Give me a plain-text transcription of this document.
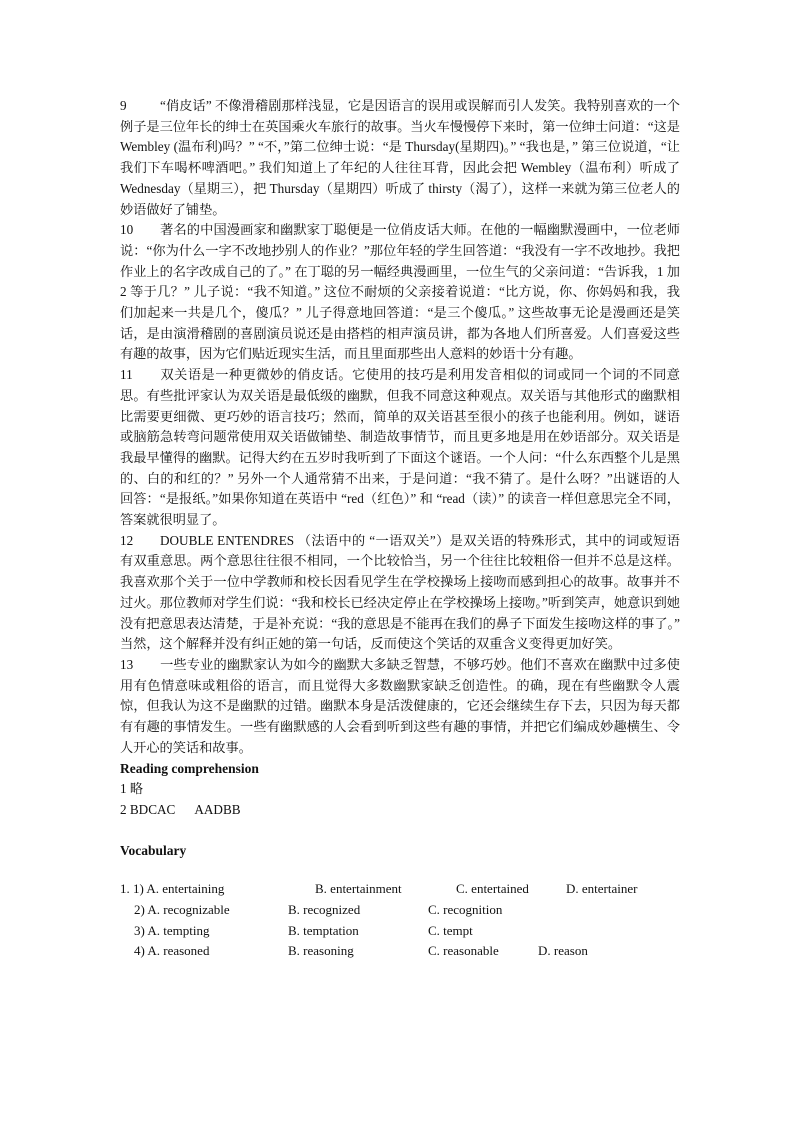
9	“俏皮话” 不像滑稽剧那样浅显，它是因语言的误用或误解而引人发笑。我特别喜欢的一个例子是三位年长的绅士在英国乘火车旅行的故事。当火车慢慢停下来时，第一位绅士问道：“这是 Wembley (温布利)吗？” “不，”第二位绅士说：“是 Thursday(星期四)。” “我也是，” 第三位说道，“让我们下车喝杯啤酒吧。” 我们知道上了年纪的人往往耳背，因此会把 Wembley（温布利）听成了 Wednesday（星期三），把 Thursday（星期四）听成了 thirsty（渴了），这样一来就为第三位老人的妙语做好了铺垫。

10 著名的中国漫画家和幽默家丁聪便是一位俏皮话大师。在他的一幅幽默漫画中，一位老师说：“你为什么一字不改地抄别人的作业？”那位年轻的学生回答道：“我没有一字不改地抄。我把作业上的名字改成自己的了。” 在丁聪的另一幅经典漫画里，一位生气的父亲问道：“告诉我，1 加 2 等于几？” 儿子说：“我不知道。” 这位不耐烦的父亲接着说道：“比方说，你、你妈妈和我，我们加起来一共是几个，傻瓜？” 儿子得意地回答道：“是三个傻瓜。” 这些故事无论是漫画还是笑话，是由演滑稽剧的喜剧演员说还是由搭档的相声演员讲，都为各地人们所喜爱。人们喜爱这些有趣的故事，因为它们贴近现实生活，而且里面那些出人意料的妙语十分有趣。

11 双关语是一种更微妙的俏皮话。它使用的技巧是利用发音相似的词或同一个词的不同意思。有些批评家认为双关语是最低级的幽默，但我不同意这种观点。双关语与其他形式的幽默相比需要更细微、更巧妙的语言技巧；然而，简单的双关语甚至很小的孩子也能利用。例如，谜语或脑筋急转弯问题常使用双关语做铺垫、制造故事情节，而且更多地是用在妙语部分。双关语是我最早懂得的幽默。记得大约在五岁时我听到了下面这个谜语。一个人问：“什么东西整个儿是黑的、白的和红的？” 另外一个人通常猜不出来，于是问道：“我不猜了。是什么呀？”出谜语的人回答：“是报纸。”如果你知道在英语中 “red（红色）” 和 “read（读）” 的读音一样但意思完全不同，答案就很明显了。

12 DOUBLE ENTENDRES （法语中的 “一语双关”）是双关语的特殊形式，其中的词或短语有双重意思。两个意思往往很不相同，一个比较恰当，另一个往往比较粗俗一但并不总是这样。我喜欢那个关于一位中学教师和校长因看见学生在学校操场上接吻而感到担心的故事。故事并不过火。那位教师对学生们说：“我和校长已经决定停止在学校操场上接吻。”听到笑声，她意识到她没有把意思表达清楚，于是补充说：“我的意思是不能再在我们的鼻子下面发生接吻这样的事了。” 当然，这个解释并没有纠正她的第一句话，反而使这个笑话的双重含义变得更加好笑。

13 一些专业的幽默家认为如今的幽默大多缺乏智慧，不够巧妙。他们不喜欢在幽默中过多使用有色情意味或粗俗的语言，而且觉得大多数幽默家缺乏创造性。的确，现在有些幽默令人震惊，但我认为这不是幽默的过错。幽默本身是活泼健康的，它还会继续生存下去，只因为每天都有有趣的事情发生。一些有幽默感的人会看到听到这些有趣的事情，并把它们编成妙趣横生、令人开心的笑话和故事。

Reading comprehension

1 略

2 BDCAC      AADBB

Vocabulary

1. 1) A. entertaining	B. entertainment	C. entertained	D. entertainer
2) A. recognizable	B. recognized	C. recognition
3) A. tempting	B. temptation	C. tempt
4) A. reasoned	B. reasoning	C. reasonable	D. reason
